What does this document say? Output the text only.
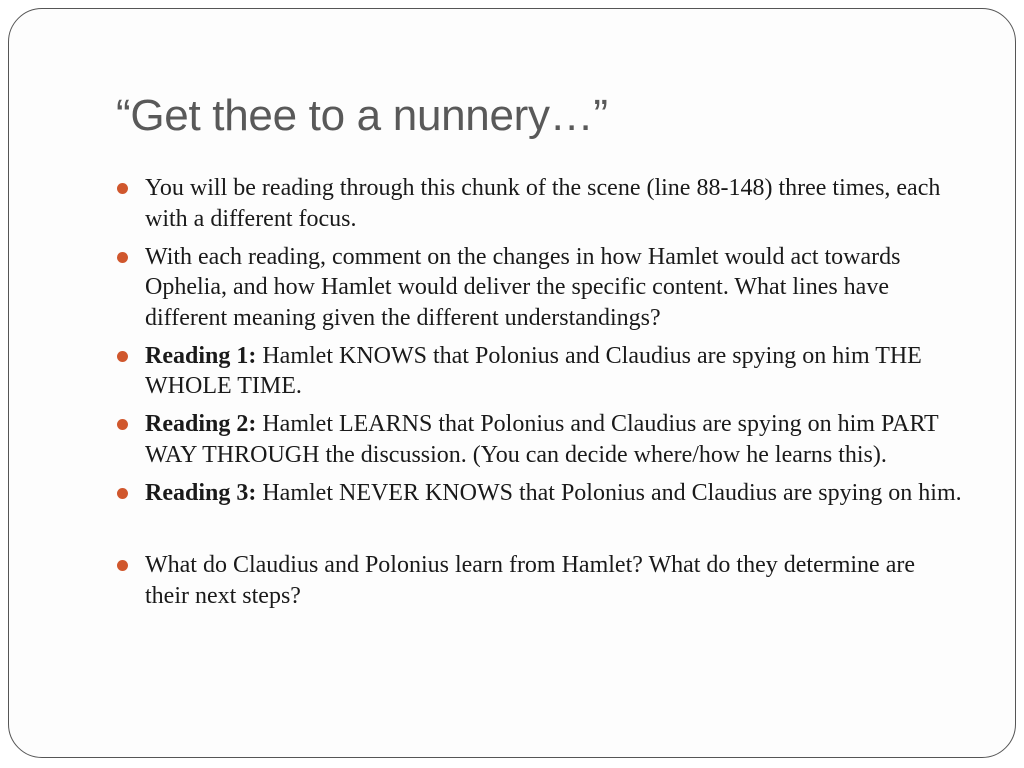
“Get thee to a nunnery…”
You will be reading through this chunk of the scene (line 88-148) three times, each with a different focus.
With each reading, comment on the changes in how Hamlet would act towards Ophelia, and how Hamlet would deliver the specific content. What lines have different meaning given the different understandings?
Reading 1: Hamlet KNOWS that Polonius and Claudius are spying on him THE WHOLE TIME.
Reading 2: Hamlet LEARNS that Polonius and Claudius are spying on him PART WAY THROUGH the discussion. (You can decide where/how he learns this).
Reading 3: Hamlet NEVER KNOWS that Polonius and Claudius are spying on him.
What do Claudius and Polonius learn from Hamlet? What do they determine are their next steps?
